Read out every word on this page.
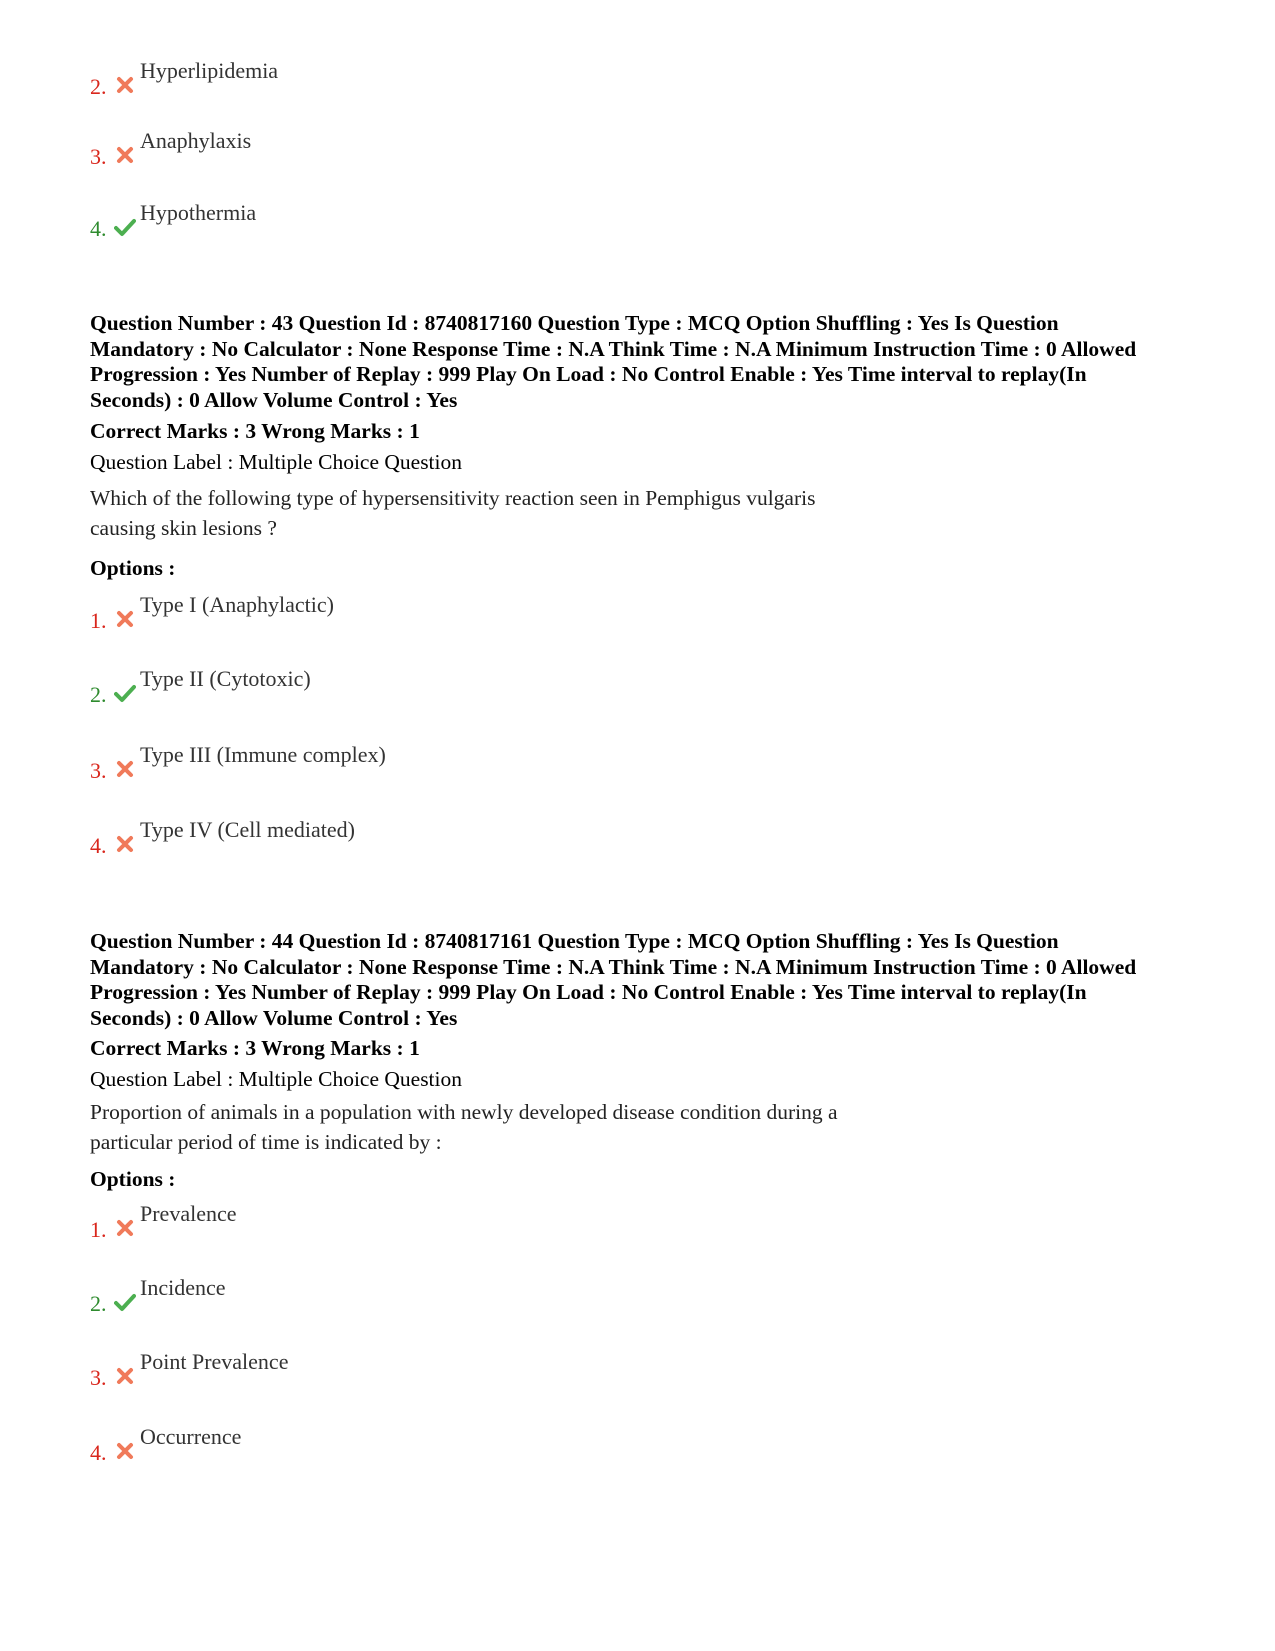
2.
Hyperlipidemia
3.
Anaphylaxis
4.
Hypothermia
Question Number : 43 Question Id : 8740817160 Question Type : MCQ Option Shuffling : Yes Is Question Mandatory : No Calculator : None Response Time : N.A Think Time : N.A Minimum Instruction Time : 0 Allowed Progression : Yes Number of Replay : 999 Play On Load : No Control Enable : Yes Time interval to replay(In Seconds) : 0 Allow Volume Control : Yes
Correct Marks : 3 Wrong Marks : 1
Question Label : Multiple Choice Question
Which of the following type of hypersensitivity reaction seen in Pemphigus vulgaris
causing skin lesions ?
Options :
1.
Type I (Anaphylactic)
2.
Type II (Cytotoxic)
3.
Type III (Immune complex)
4.
Type IV (Cell mediated)
Question Number : 44 Question Id : 8740817161 Question Type : MCQ Option Shuffling : Yes Is Question Mandatory : No Calculator : None Response Time : N.A Think Time : N.A Minimum Instruction Time : 0 Allowed Progression : Yes Number of Replay : 999 Play On Load : No Control Enable : Yes Time interval to replay(In Seconds) : 0 Allow Volume Control : Yes
Correct Marks : 3 Wrong Marks : 1
Question Label : Multiple Choice Question
Proportion of animals in a population with newly developed disease condition during a
particular period of time is indicated by :
Options :
1.
Prevalence
2.
Incidence
3.
Point Prevalence
4.
Occurrence
